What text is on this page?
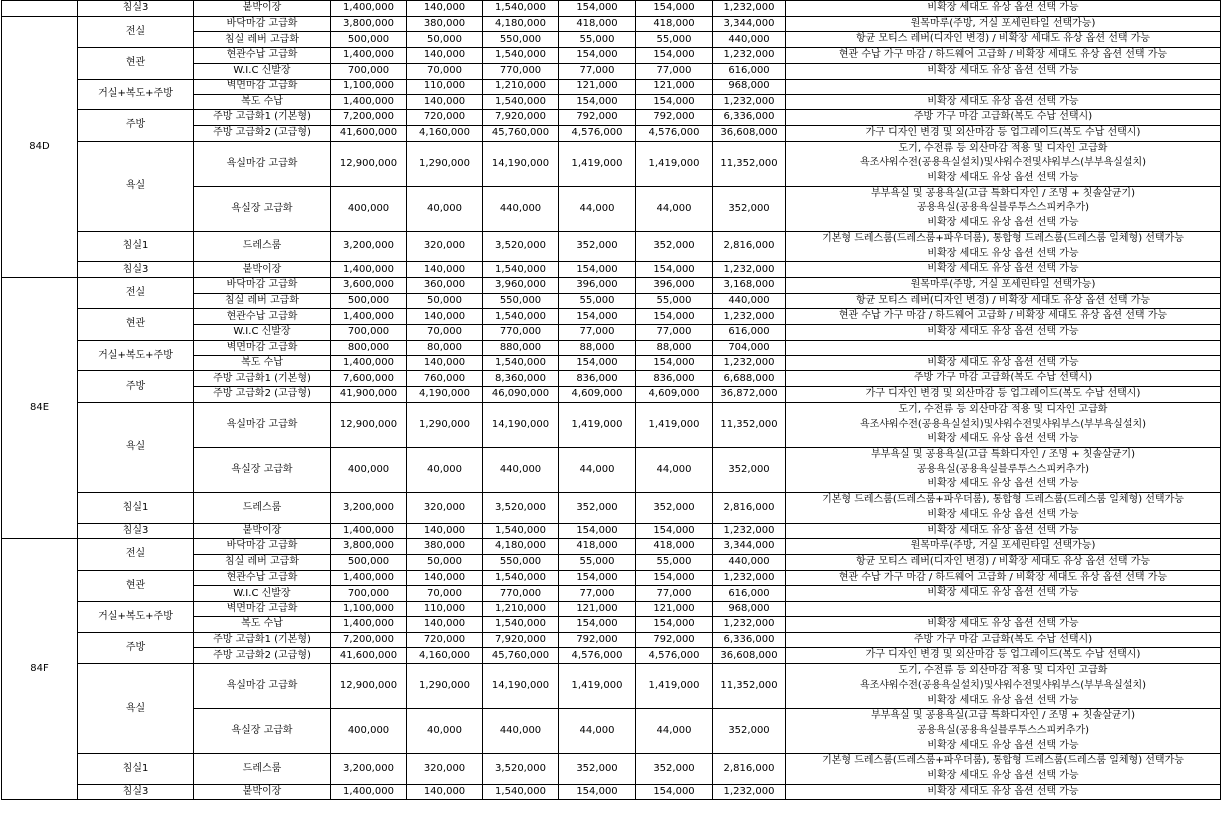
	침실3	붙박이장	1,400,000	140,000	1,540,000	154,000	154,000	1,232,000	비확장 세대도 유상 옵션 선택 가능

84D	전실	바닥마감 고급화	3,800,000	380,000	4,180,000	418,000	418,000	3,344,000	원목마루(주방, 거실 포세린타일 선택가능)

		침실 레버 고급화	500,000	50,000	550,000	55,000	55,000	440,000	항균 모티스 레버(디자인 변경) / 비확장 세대도 유상 옵션 선택 가능

	현관	현관수납 고급화	1,400,000	140,000	1,540,000	154,000	154,000	1,232,000	현관 수납 가구 마감 / 하드웨어 고급화 / 비확장 세대도 유상 옵션 선택 가능

		W.I.C 신발장	700,000	70,000	770,000	77,000	77,000	616,000	비확장 세대도 유상 옵션 선택 가능

	거실+복도+주방	벽면마감 고급화	1,100,000	110,000	1,210,000	121,000	121,000	968,000	
		복도 수납	1,400,000	140,000	1,540,000	154,000	154,000	1,232,000	비확장 세대도 유상 옵션 선택 가능

	주방	주방 고급화1 (기본형)	7,200,000	720,000	7,920,000	792,000	792,000	6,336,000	주방 가구 마감 고급화(복도 수납 선택시)

		주방 고급화2 (고급형)	41,600,000	4,160,000	45,760,000	4,576,000	4,576,000	36,608,000	가구 디자인 변경 및 외산마감 등 업그레이드(복도 수납 선택시)

	욕실	욕실마감 고급화	12,900,000	1,290,000	14,190,000	1,419,000	1,419,000	11,352,000	도기, 수전류 등 외산마감 적용 및 디자인 고급화
욕조샤워수전(공용욕실설치)및샤워수전및샤워부스(부부욕실설치)
비확장 세대도 유상 옵션 선택 가능

		욕실장 고급화	400,000	40,000	440,000	44,000	44,000	352,000	부부욕실 및 공용욕실(고급 특화디자인 / 조명 + 칫솔살균기)
공용욕실(공용욕실블루투스스피커추가)
비확장 세대도 유상 옵션 선택 가능

	침실1	드레스룸	3,200,000	320,000	3,520,000	352,000	352,000	2,816,000	기본형 드레스룸(드레스룸+파우더룸), 통합형 드레스룸(드레스룸 일체형) 선택가능
비확장 세대도 유상 옵션 선택 가능

	침실3	붙박이장	1,400,000	140,000	1,540,000	154,000	154,000	1,232,000	비확장 세대도 유상 옵션 선택 가능

84E	전실	바닥마감 고급화	3,600,000	360,000	3,960,000	396,000	396,000	3,168,000	원목마루(주방, 거실 포세린타일 선택가능)

		침실 레버 고급화	500,000	50,000	550,000	55,000	55,000	440,000	항균 모티스 레버(디자인 변경) / 비확장 세대도 유상 옵션 선택 가능

	현관	현관수납 고급화	1,400,000	140,000	1,540,000	154,000	154,000	1,232,000	현관 수납 가구 마감 / 하드웨어 고급화 / 비확장 세대도 유상 옵션 선택 가능

		W.I.C 신발장	700,000	70,000	770,000	77,000	77,000	616,000	비확장 세대도 유상 옵션 선택 가능

	거실+복도+주방	벽면마감 고급화	800,000	80,000	880,000	88,000	88,000	704,000	
		복도 수납	1,400,000	140,000	1,540,000	154,000	154,000	1,232,000	비확장 세대도 유상 옵션 선택 가능

	주방	주방 고급화1 (기본형)	7,600,000	760,000	8,360,000	836,000	836,000	6,688,000	주방 가구 마감 고급화(복도 수납 선택시)

		주방 고급화2 (고급형)	41,900,000	4,190,000	46,090,000	4,609,000	4,609,000	36,872,000	가구 디자인 변경 및 외산마감 등 업그레이드(복도 수납 선택시)

	욕실	욕실마감 고급화	12,900,000	1,290,000	14,190,000	1,419,000	1,419,000	11,352,000	도기, 수전류 등 외산마감 적용 및 디자인 고급화
욕조샤워수전(공용욕실설치)및샤워수전및샤워부스(부부욕실설치)
비확장 세대도 유상 옵션 선택 가능

		욕실장 고급화	400,000	40,000	440,000	44,000	44,000	352,000	부부욕실 및 공용욕실(고급 특화디자인 / 조명 + 칫솔살균기)
공용욕실(공용욕실블루투스스피커추가)
비확장 세대도 유상 옵션 선택 가능

	침실1	드레스룸	3,200,000	320,000	3,520,000	352,000	352,000	2,816,000	기본형 드레스룸(드레스룸+파우더룸), 통합형 드레스룸(드레스룸 일체형) 선택가능
비확장 세대도 유상 옵션 선택 가능

	침실3	붙박이장	1,400,000	140,000	1,540,000	154,000	154,000	1,232,000	비확장 세대도 유상 옵션 선택 가능

84F	전실	바닥마감 고급화	3,800,000	380,000	4,180,000	418,000	418,000	3,344,000	원목마루(주방, 거실 포세린타일 선택가능)

		침실 레버 고급화	500,000	50,000	550,000	55,000	55,000	440,000	항균 모티스 레버(디자인 변경) / 비확장 세대도 유상 옵션 선택 가능

	현관	현관수납 고급화	1,400,000	140,000	1,540,000	154,000	154,000	1,232,000	현관 수납 가구 마감 / 하드웨어 고급화 / 비확장 세대도 유상 옵션 선택 가능

		W.I.C 신발장	700,000	70,000	770,000	77,000	77,000	616,000	비확장 세대도 유상 옵션 선택 가능

	거실+복도+주방	벽면마감 고급화	1,100,000	110,000	1,210,000	121,000	121,000	968,000	
		복도 수납	1,400,000	140,000	1,540,000	154,000	154,000	1,232,000	비확장 세대도 유상 옵션 선택 가능

	주방	주방 고급화1 (기본형)	7,200,000	720,000	7,920,000	792,000	792,000	6,336,000	주방 가구 마감 고급화(복도 수납 선택시)

		주방 고급화2 (고급형)	41,600,000	4,160,000	45,760,000	4,576,000	4,576,000	36,608,000	가구 디자인 변경 및 외산마감 등 업그레이드(복도 수납 선택시)

	욕실	욕실마감 고급화	12,900,000	1,290,000	14,190,000	1,419,000	1,419,000	11,352,000	도기, 수전류 등 외산마감 적용 및 디자인 고급화
욕조샤워수전(공용욕실설치)및샤워수전및샤워부스(부부욕실설치)
비확장 세대도 유상 옵션 선택 가능

		욕실장 고급화	400,000	40,000	440,000	44,000	44,000	352,000	부부욕실 및 공용욕실(고급 특화디자인 / 조명 + 칫솔살균기)
공용욕실(공용욕실블루투스스피커추가)
비확장 세대도 유상 옵션 선택 가능

	침실1	드레스룸	3,200,000	320,000	3,520,000	352,000	352,000	2,816,000	기본형 드레스룸(드레스룸+파우더룸), 통합형 드레스룸(드레스룸 일체형) 선택가능
비확장 세대도 유상 옵션 선택 가능

	침실3	붙박이장	1,400,000	140,000	1,540,000	154,000	154,000	1,232,000	비확장 세대도 유상 옵션 선택 가능
